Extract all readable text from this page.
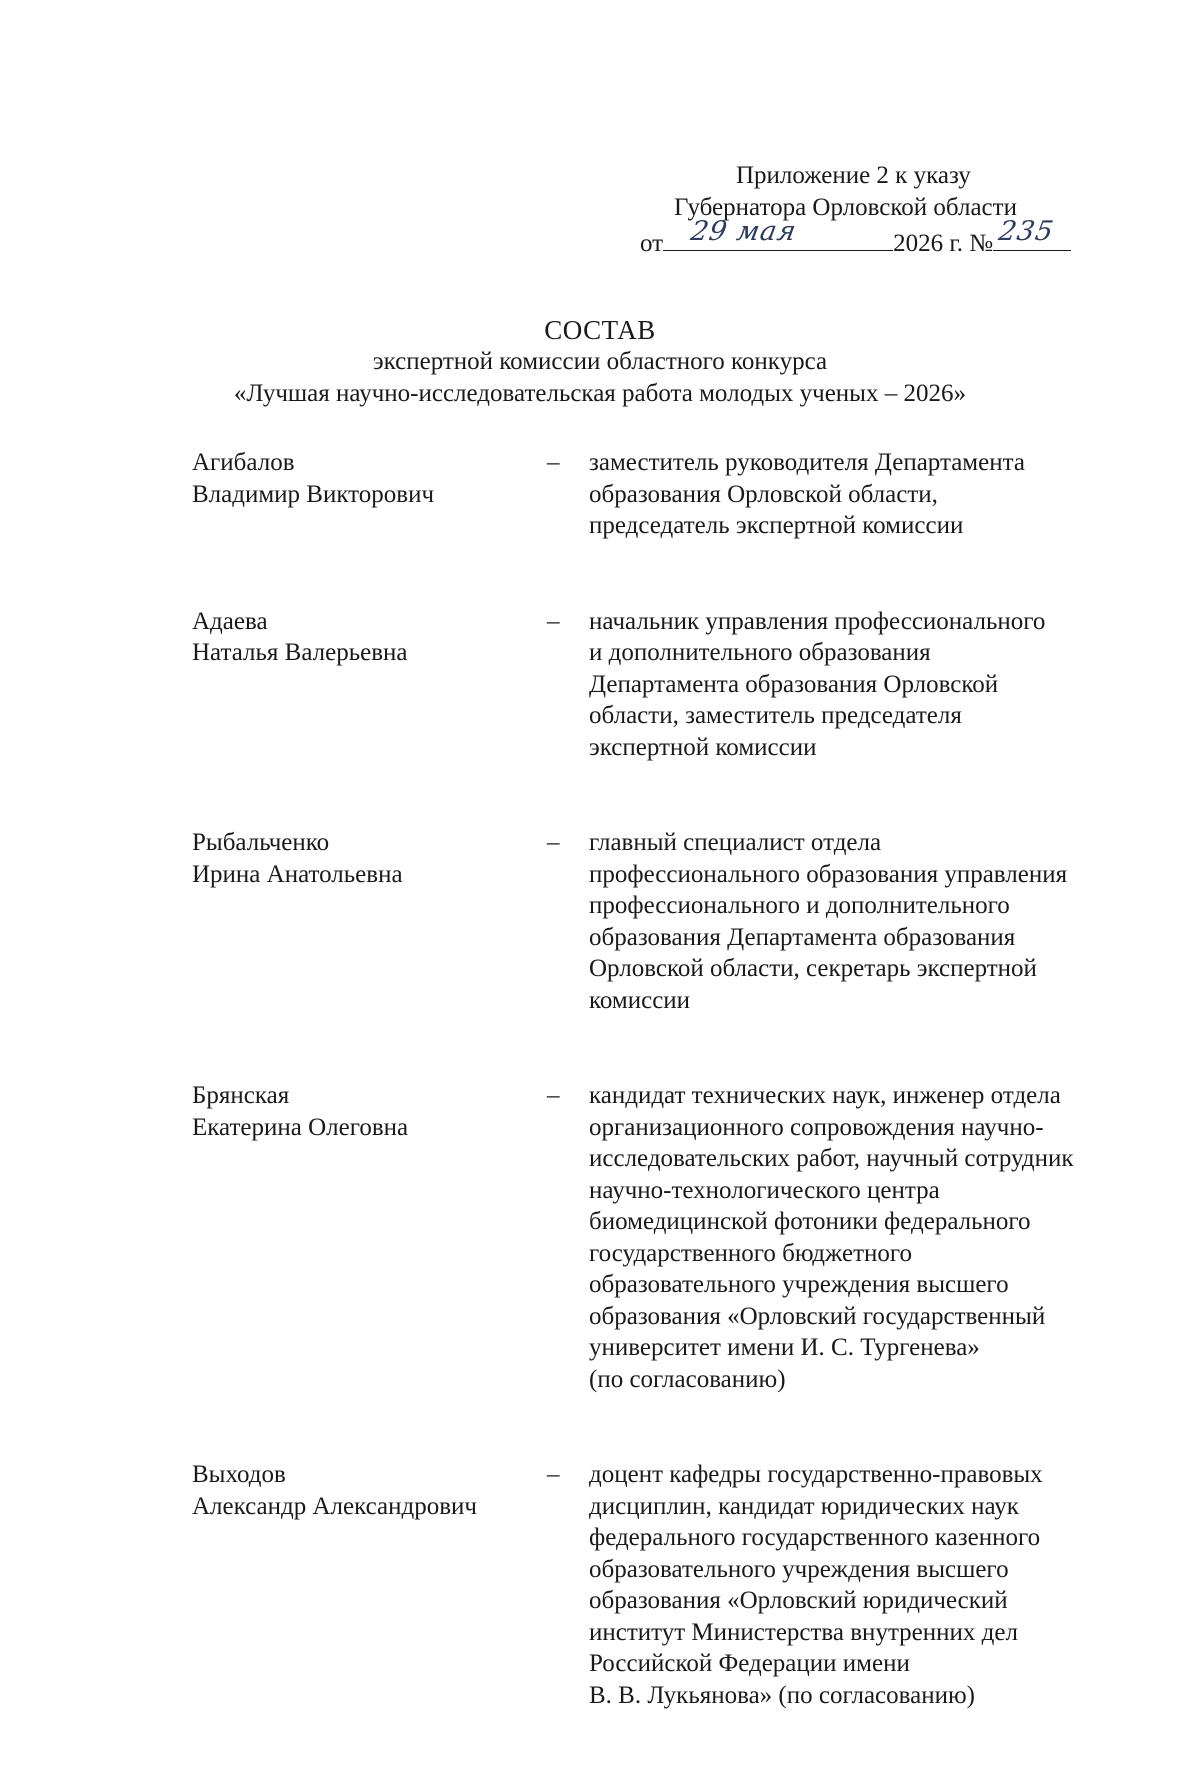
Приложение 2 к указу
Губернатора Орловской области
от 29 мая	2026 г. № 235
СОСТАВ
экспертной комиссии областного конкурса
«Лучшая научно-исследовательская работа молодых ученых – 2026»
Агибалов
Владимир Викторович
–	заместитель руководителя Департамента
образования Орловской области,
председатель экспертной комиссии
Адаева
Наталья Валерьевна
–	начальник управления профессионального
и дополнительного образования
Департамента образования Орловской
области, заместитель председателя
экспертной комиссии
Рыбальченко
Ирина Анатольевна
–	главный специалист отдела
профессионального образования управления
профессионального и дополнительного
образования Департамента образования
Орловской области, секретарь экспертной
комиссии
Брянская
Екатерина Олеговна
–	кандидат технических наук, инженер отдела
организационного сопровождения научно-
исследовательских работ, научный сотрудник
научно-технологического центра
биомедицинской фотоники федерального
государственного бюджетного
образовательного учреждения высшего
образования «Орловский государственный
университет имени И. С. Тургенева»
(по согласованию)
Выходов
Александр Александрович
–	доцент кафедры государственно-правовых
дисциплин, кандидат юридических наук
федерального государственного казенного
образовательного учреждения высшего
образования «Орловский юридический
институт Министерства внутренних дел
Российской Федерации имени
В. В. Лукьянова» (по согласованию)
